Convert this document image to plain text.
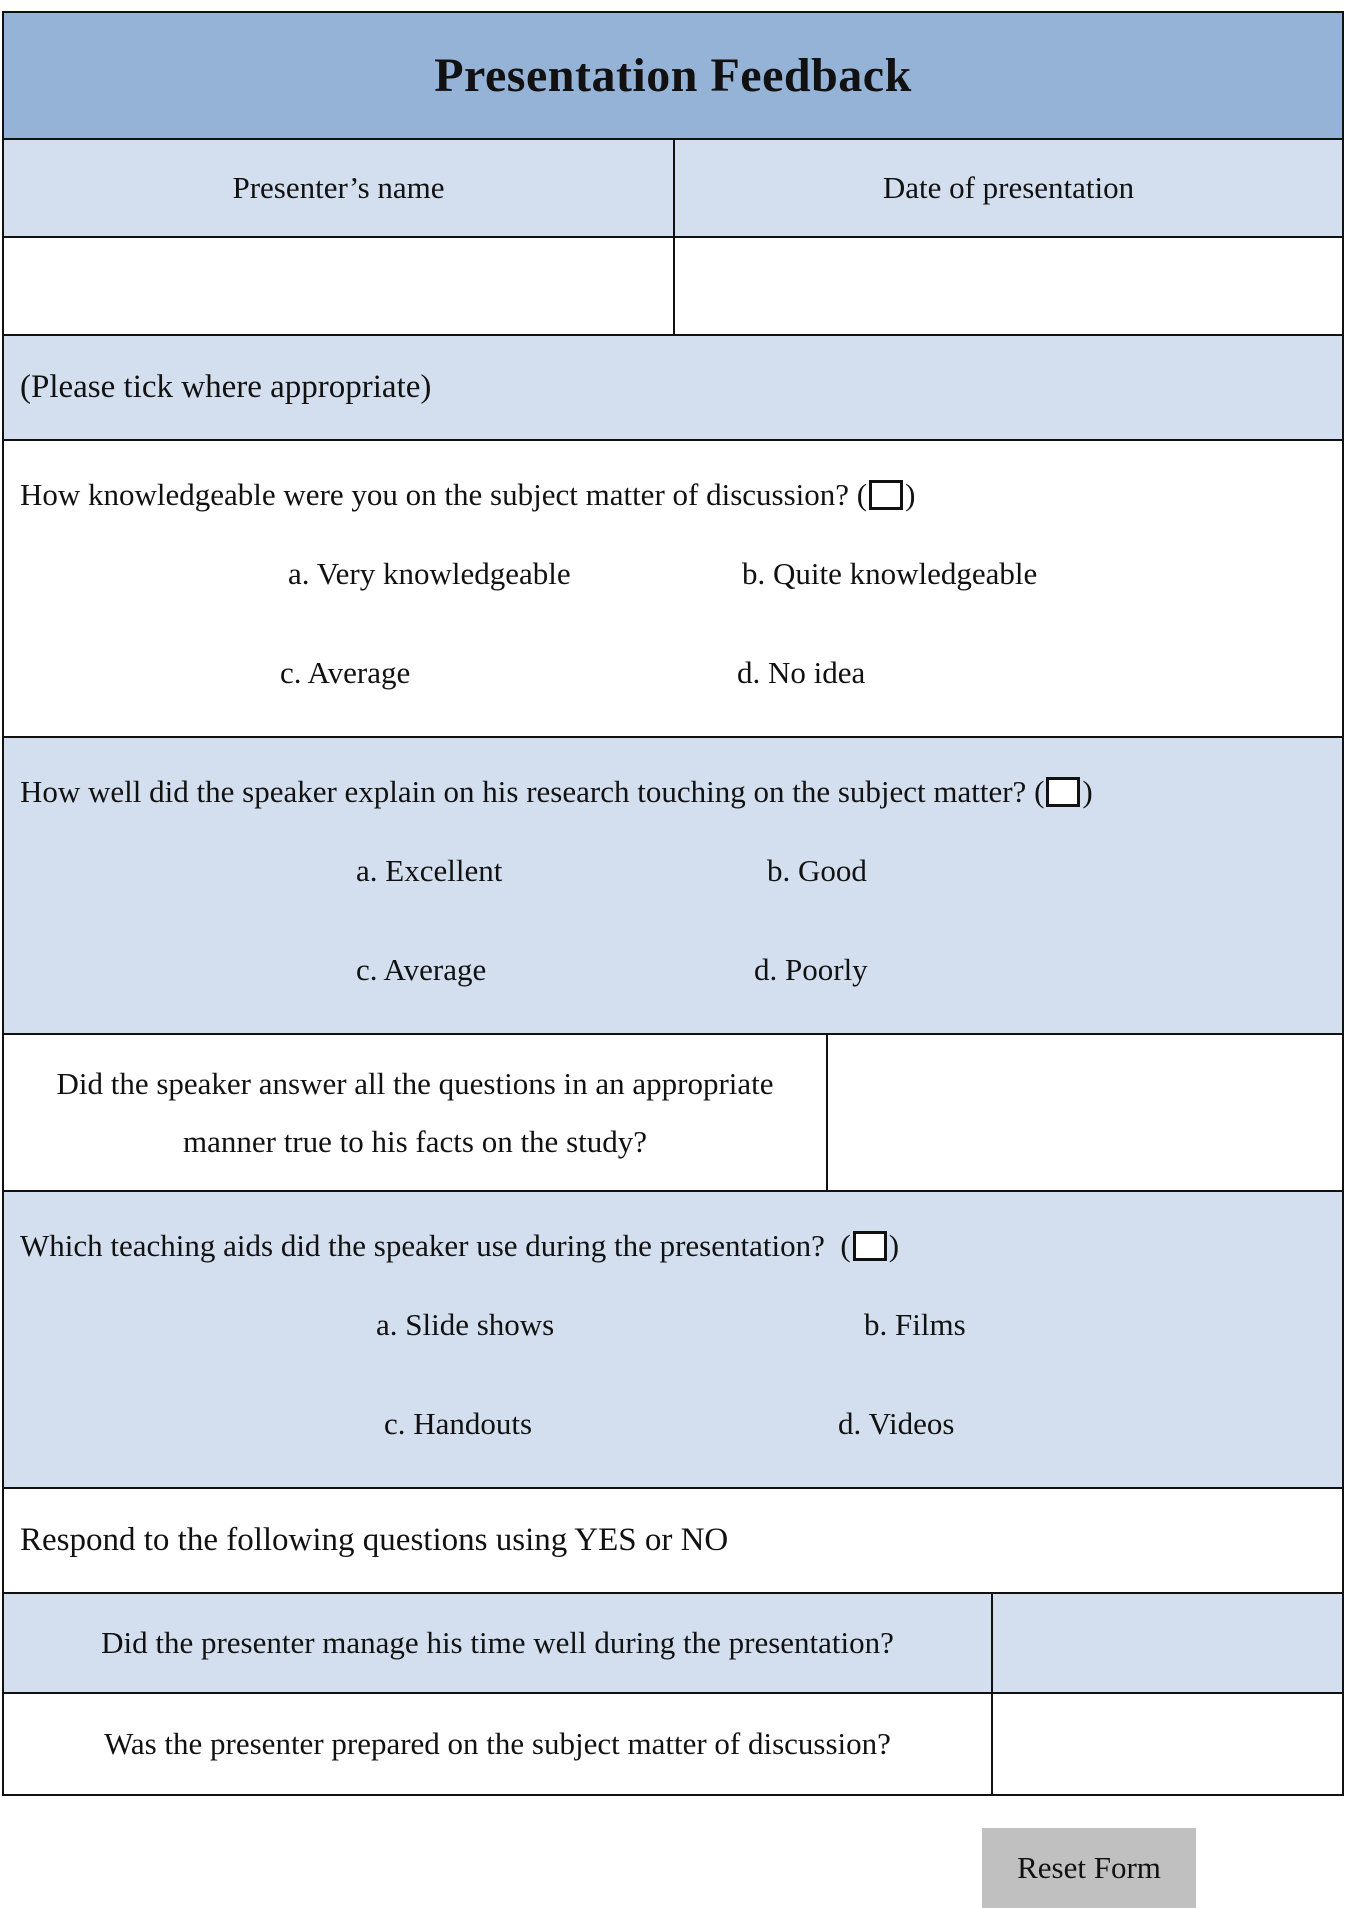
Presentation Feedback
Presenter’s name	Date of presentation
(Please tick where appropriate)
How knowledgeable were you on the subject matter of discussion? ( )
a. Very knowledgeable	b. Quite knowledgeable
c. Average	d. No idea
How well did the speaker explain on his research touching on the subject matter? ( )
a. Excellent	b. Good
c. Average	d. Poorly
Did the speaker answer all the questions in an appropriate
manner true to his facts on the study?
Which teaching aids did the speaker use during the presentation?  ( )
a. Slide shows	b. Films
c. Handouts	d. Videos
Respond to the following questions using YES or NO
Did the presenter manage his time well during the presentation?
Was the presenter prepared on the subject matter of discussion?
Reset Form
